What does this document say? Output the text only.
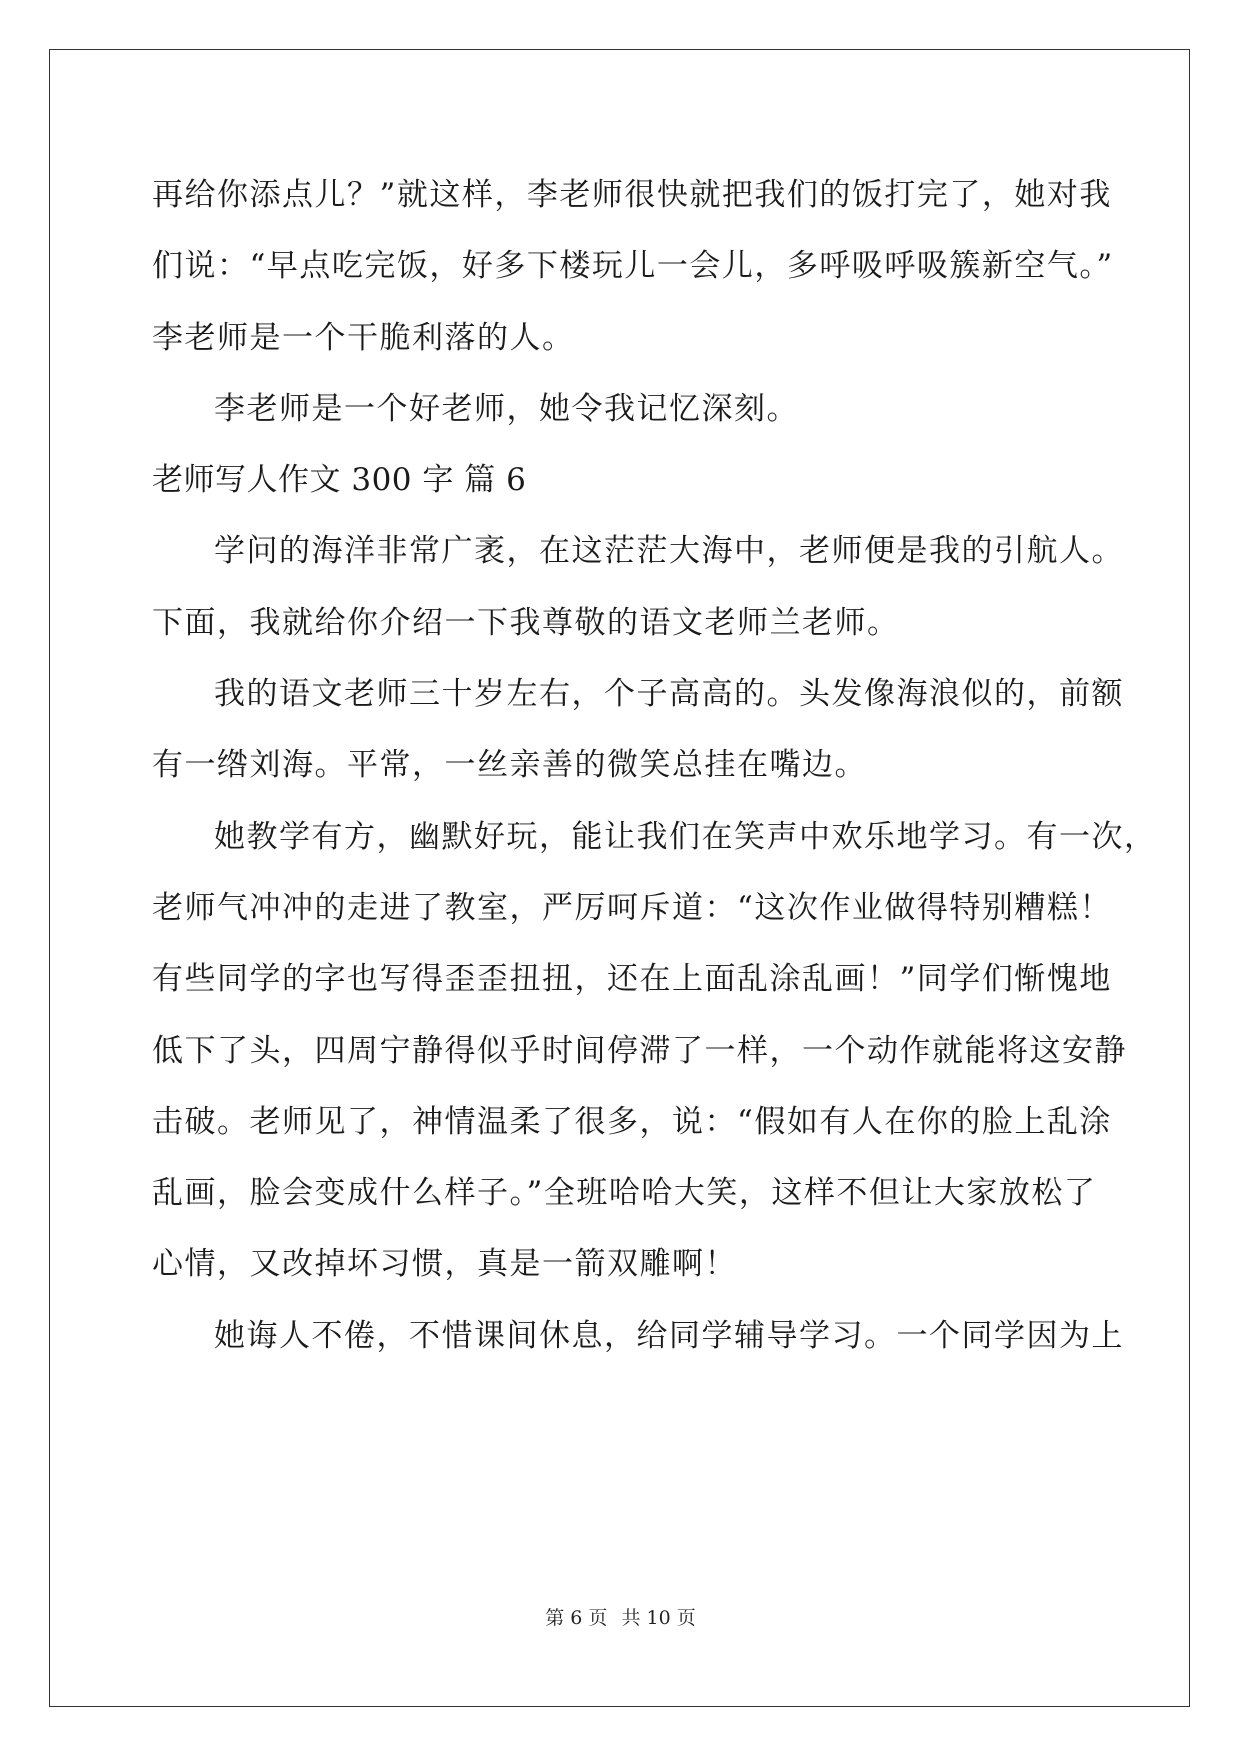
再给你添点儿？”就这样，李老师很快就把我们的饭打完了，她对我
们说：“早点吃完饭，好多下楼玩儿一会儿，多呼吸呼吸簇新空气。”
李老师是一个干脆利落的人。
李老师是一个好老师，她令我记忆深刻。
老师写人作文 300 字 篇 6
学问的海洋非常广袤，在这茫茫大海中，老师便是我的引航人。
下面，我就给你介绍一下我尊敬的语文老师兰老师。
我的语文老师三十岁左右，个子高高的。头发像海浪似的，前额
有一绺刘海。平常，一丝亲善的微笑总挂在嘴边。
她教学有方，幽默好玩，能让我们在笑声中欢乐地学习。有一次，
老师气冲冲的走进了教室，严厉呵斥道：“这次作业做得特别糟糕！
有些同学的字也写得歪歪扭扭，还在上面乱涂乱画！”同学们惭愧地
低下了头，四周宁静得似乎时间停滞了一样，一个动作就能将这安静
击破。老师见了，神情温柔了很多，说：“假如有人在你的脸上乱涂
乱画，脸会变成什么样子。”全班哈哈大笑，这样不但让大家放松了
心情，又改掉坏习惯，真是一箭双雕啊！
她诲人不倦，不惜课间休息，给同学辅导学习。一个同学因为上
第 6 页 共 10 页
